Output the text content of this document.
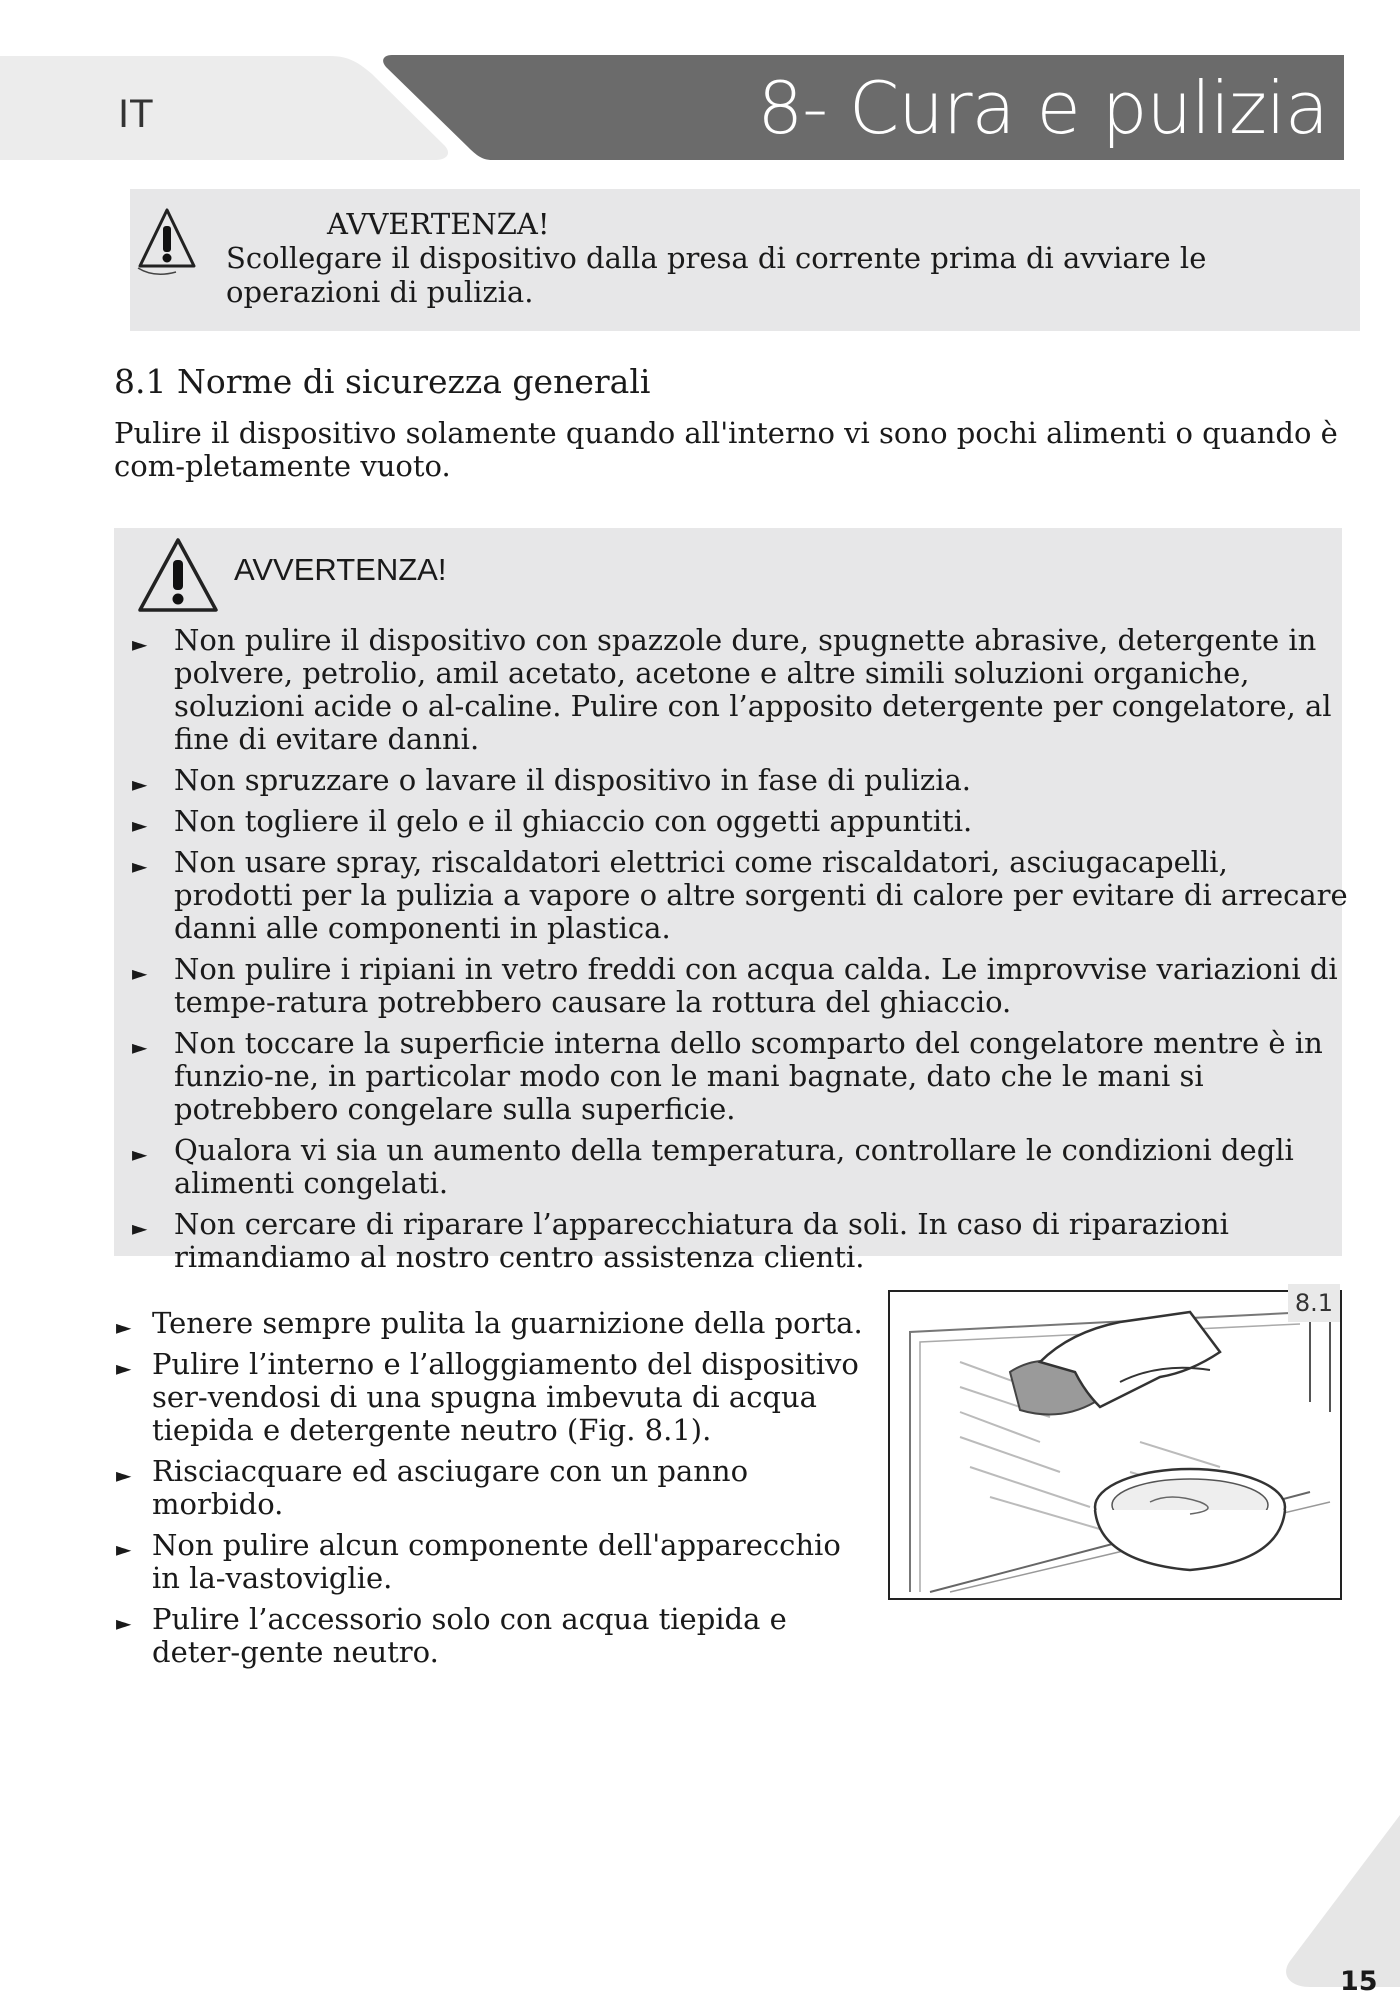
IT	8- Cura e pulizia
AVVERTENZA!
Scollegare il dispositivo dalla presa di corrente prima di avviare le operazioni di pulizia.
8.1 Norme di sicurezza generali
Pulire il dispositivo solamente quando all'interno vi sono pochi alimenti o quando è com-pletamente vuoto.
AVVERTENZA!
► Non pulire il dispositivo con spazzole dure, spugnette abrasive, detergente in polvere, petrolio, amil acetato, acetone e altre simili soluzioni organiche, soluzioni acide o al-caline. Pulire con l’apposito detergente per congelatore, al fine di evitare danni.
► Non spruzzare o lavare il dispositivo in fase di pulizia.
► Non togliere il gelo e il ghiaccio con oggetti appuntiti.
► Non usare spray, riscaldatori elettrici come riscaldatori, asciugacapelli, prodotti per la pulizia a vapore o altre sorgenti di calore per evitare di arrecare danni alle componenti in plastica.
► Non pulire i ripiani in vetro freddi con acqua calda. Le improvvise variazioni di tempe-ratura potrebbero causare la rottura del ghiaccio.
► Non toccare la superficie interna dello scomparto del congelatore mentre è in funzio-ne, in particolar modo con le mani bagnate, dato che le mani si potrebbero congelare sulla superficie.
► Qualora vi sia un aumento della temperatura, controllare le condizioni degli alimenti congelati.
► Non cercare di riparare l’apparecchiatura da soli. In caso di riparazioni rimandiamo al nostro centro assistenza clienti.
► Tenere sempre pulita la guarnizione della porta.
► Pulire l’interno e l’alloggiamento del dispositivo ser-vendosi di una spugna imbevuta di acqua tiepida e detergente neutro (Fig. 8.1).
► Risciacquare ed asciugare con un panno morbido.
► Non pulire alcun componente dell'apparecchio in la-vastoviglie.
► Pulire l’accessorio solo con acqua tiepida e deter-gente neutro.
8.1
15
